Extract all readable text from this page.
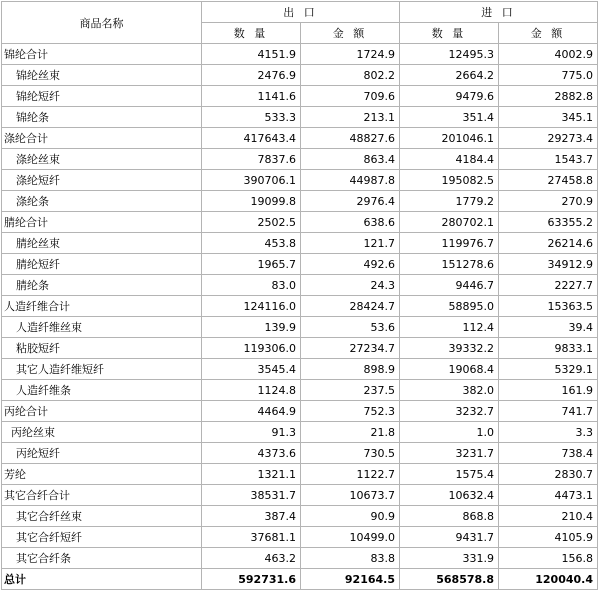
商品名称	出 口		进 口	
	数 量	金 额	数 量	金 额
锦纶合计	4151.9	1724.9	12495.3	4002.9
锦纶丝束	2476.9	802.2	2664.2	775.0
锦纶短纤	1141.6	709.6	9479.6	2882.8
锦纶条	533.3	213.1	351.4	345.1
涤纶合计	417643.4	48827.6	201046.1	29273.4
涤纶丝束	7837.6	863.4	4184.4	1543.7
涤纶短纤	390706.1	44987.8	195082.5	27458.8
涤纶条	19099.8	2976.4	1779.2	270.9
腈纶合计	2502.5	638.6	280702.1	63355.2
腈纶丝束	453.8	121.7	119976.7	26214.6
腈纶短纤	1965.7	492.6	151278.6	34912.9
腈纶条	83.0	24.3	9446.7	2227.7
人造纤维合计	124116.0	28424.7	58895.0	15363.5
人造纤维丝束	139.9	53.6	112.4	39.4
粘胶短纤	119306.0	27234.7	39332.2	9833.1
其它人造纤维短纤	3545.4	898.9	19068.4	5329.1
人造纤维条	1124.8	237.5	382.0	161.9
丙纶合计	4464.9	752.3	3232.7	741.7
丙纶丝束	91.3	21.8	1.0	3.3
丙纶短纤	4373.6	730.5	3231.7	738.4
芳纶	1321.1	1122.7	1575.4	2830.7
其它合纤合计	38531.7	10673.7	10632.4	4473.1
其它合纤丝束	387.4	90.9	868.8	210.4
其它合纤短纤	37681.1	10499.0	9431.7	4105.9
其它合纤条	463.2	83.8	331.9	156.8
总计	592731.6	92164.5	568578.8	120040.4
